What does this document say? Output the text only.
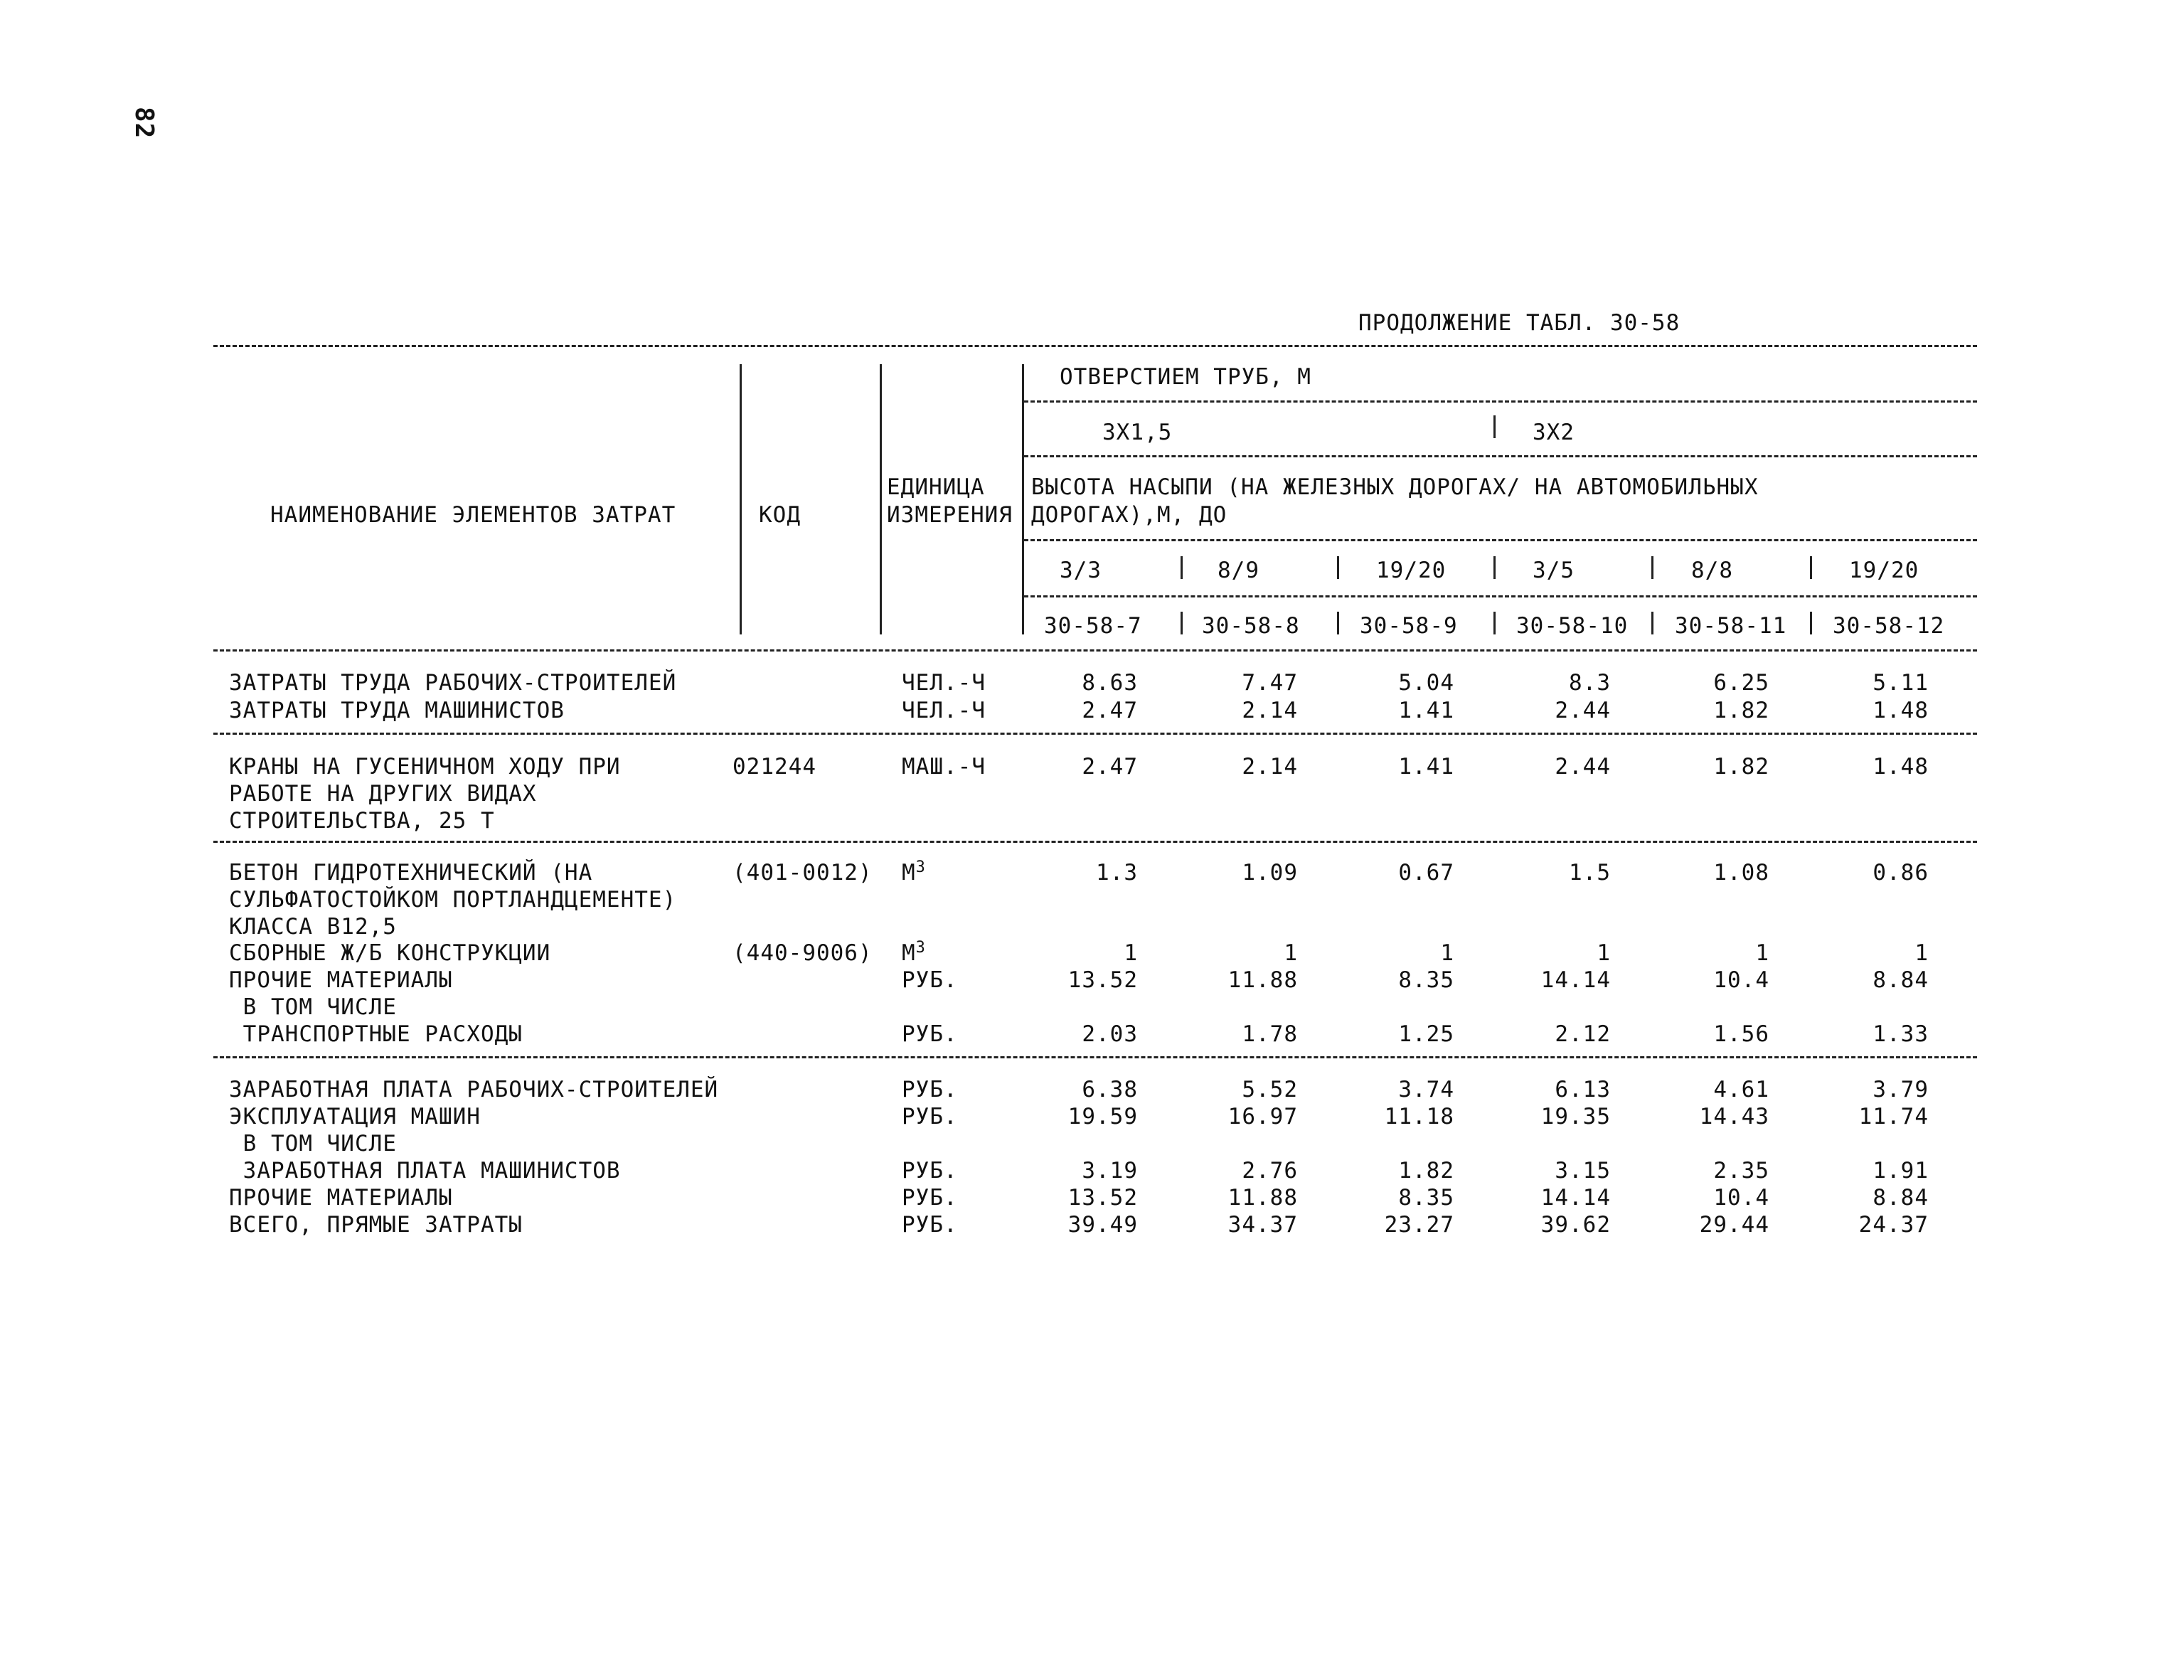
82
ПРОДОЛЖЕНИЕ ТАБЛ. 30-58
НАИМЕНОВАНИЕ ЭЛЕМЕНТОВ ЗАТРАТ	КОД
ЕДИНИЦА
ИЗМЕРЕНИЯ
ОТВЕРСТИЕМ ТРУБ, М
3Х1,5	3Х2
ВЫСОТА НАСЫПИ (НА ЖЕЛЕЗНЫХ ДОРОГАХ/ НА АВТОМОБИЛЬНЫХ
ДОРОГАХ),М, ДО
3/3	8/9	19/20	3/5	8/8	19/20
30-58-7	30-58-8	30-58-9	30-58-10 30-58-11 30-58-12
ЗАТРАТЫ ТРУДА РАБОЧИХ-СТРОИТЕЛЕЙ	ЧЕЛ.-Ч	8.63	7.47	5.04	8.3	6.25	5.11
ЗАТРАТЫ ТРУДА МАШИНИСТОВ	ЧЕЛ.-Ч	2.47	2.14	1.41	2.44	1.82	1.48
КРАНЫ НА ГУСЕНИЧНОМ ХОДУ ПРИ
РАБОТЕ НА ДРУГИХ ВИДАХ
СТРОИТЕЛЬСТВА, 25 Т
021244	МАШ.-Ч	2.47	2.14	1.41	2.44	1.82	1.48
БЕТОН ГИДРОТЕХНИЧЕСКИЙ (НА
СУЛЬФАТОСТОЙКОМ ПОРТЛАНДЦЕМЕНТЕ)
КЛАССА В12,5
(401-0012) $М^3$	1.3	1.09	0.67	1.5	1.08	0.86
СБОРНЫЕ Ж/Б КОНСТРУКЦИИ	(440-9006) $М^3$	1	1	1	1	1	1
ПРОЧИЕ МАТЕРИАЛЫ	РУБ.	13.52	11.88	8.35	14.14	10.4	8.84
В ТОМ ЧИСЛЕ
ТРАНСПОРТНЫЕ РАСХОДЫ	РУБ.	2.03	1.78	1.25	2.12	1.56	1.33
ЗАРАБОТНАЯ ПЛАТА РАБОЧИХ-СТРОИТЕЛЕЙ	РУБ.	6.38	5.52	3.74	6.13	4.61	3.79
ЭКСПЛУАТАЦИЯ МАШИН	РУБ.	19.59	16.97	11.18	19.35	14.43	11.74
В ТОМ ЧИСЛЕ
ЗАРАБОТНАЯ ПЛАТА МАШИНИСТОВ	РУБ.	3.19	2.76	1.82	3.15	2.35	1.91
ПРОЧИЕ МАТЕРИАЛЫ	РУБ.	13.52	11.88	8.35	14.14	10.4	8.84
ВСЕГО, ПРЯМЫЕ ЗАТРАТЫ	РУБ.	39.49	34.37	23.27	39.62	29.44	24.37
